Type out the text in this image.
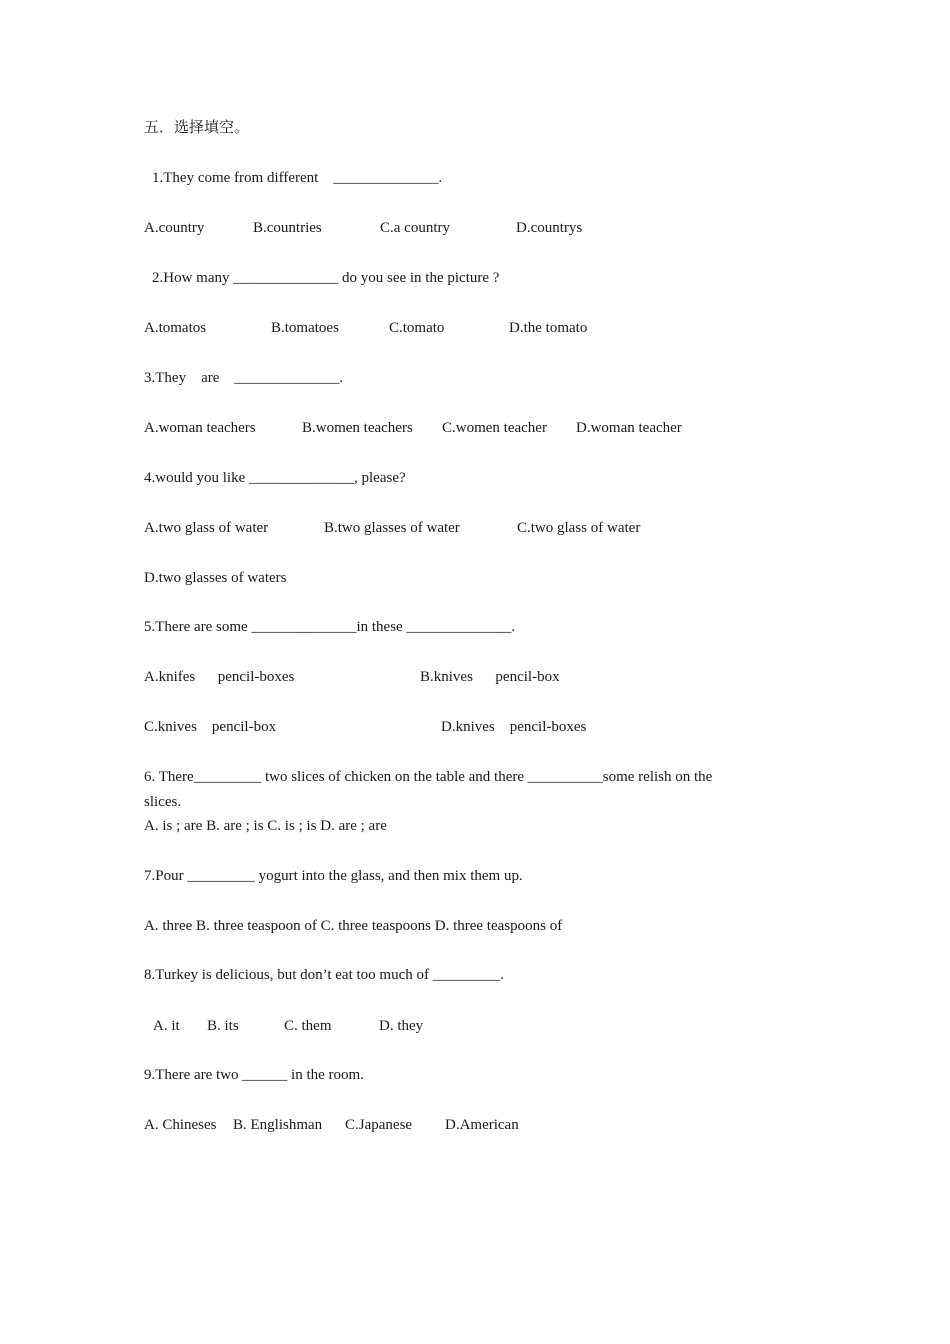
五．选择填空。
1.They come from different    ______________.

A.country

	B.countries

	C.a country

	D.countrys

2.How many ______________ do you see in the picture ?

A.tomatos

	B.tomatoes

	C.tomato

	D.the tomato

3.They    are    ______________.

A.woman teachers

	B.women teachers

C.women teacher

D.woman teacher

4.would you like ______________, please?

A.two glass of water

	B.two glasses of water

	C.two glass of water

D.two glasses of waters
5.There are some ______________in these ______________.

A.knifes      pencil-boxes

	B.knives      pencil-box

C.knives    pencil-box

	D.knives    pencil-boxes

6. There_________ two slices of chicken on the table and there __________some relish on the
slices.
A. is ; are B. are ; is C. is ; is D. are ; are
7.Pour _________ yogurt into the glass, and then mix them up.
A. three B. three teaspoon of C. three teaspoons D. three teaspoons of
8.Turkey is delicious, but don’t eat too much of _________.

A. it

B. its

	C. them

	D. they

9.There are two ______ in the room.

A. Chineses

B. Englishman

C.Japanese

D.American
